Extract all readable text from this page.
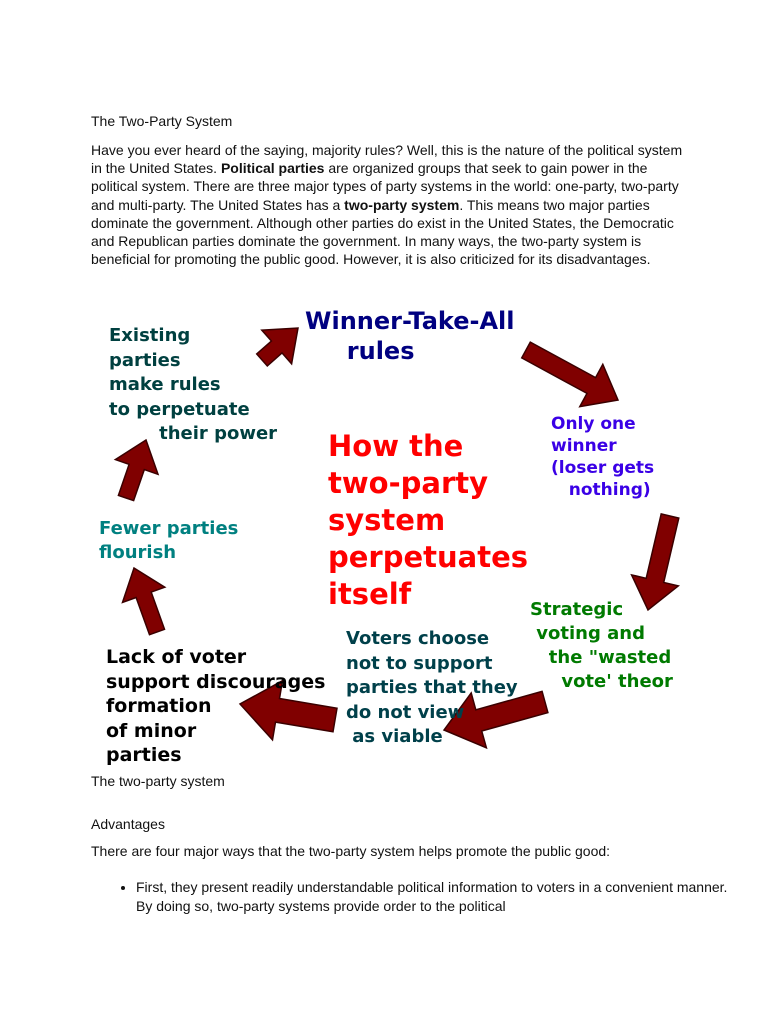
The Two-Party System

Have you ever heard of the saying, majority rules? Well, this is the nature of the political system in the United States. Political parties are organized groups that seek to gain power in the political system. There are three major types of party systems in the world: one-party, two-party and multi-party. The United States has a two-party system. This means two major parties dominate the government. Although other parties do exist in the United States, the Democratic and Republican parties dominate the government. In many ways, the two-party system is beneficial for promoting the public good. However, it is also criticized for its disadvantages.

How the
two-party
system
perpetuates
itself
Winner-Take-All
rules
Only one
winner
(loser gets
nothing)
Strategic
voting and
the "wasted
vote' theor
Voters choose
not to support
parties that they
do not view
as viable
Lack of voter
support discourages
formation
of minor
parties
Fewer parties
flourish
Existing
parties
make rules
to perpetuate
their power
The two-party system
Advantages
There are four major ways that the two-party system helps promote the public good:
• First, they present readily understandable political information to voters in a convenient manner. By doing so, two-party systems provide order to the political
